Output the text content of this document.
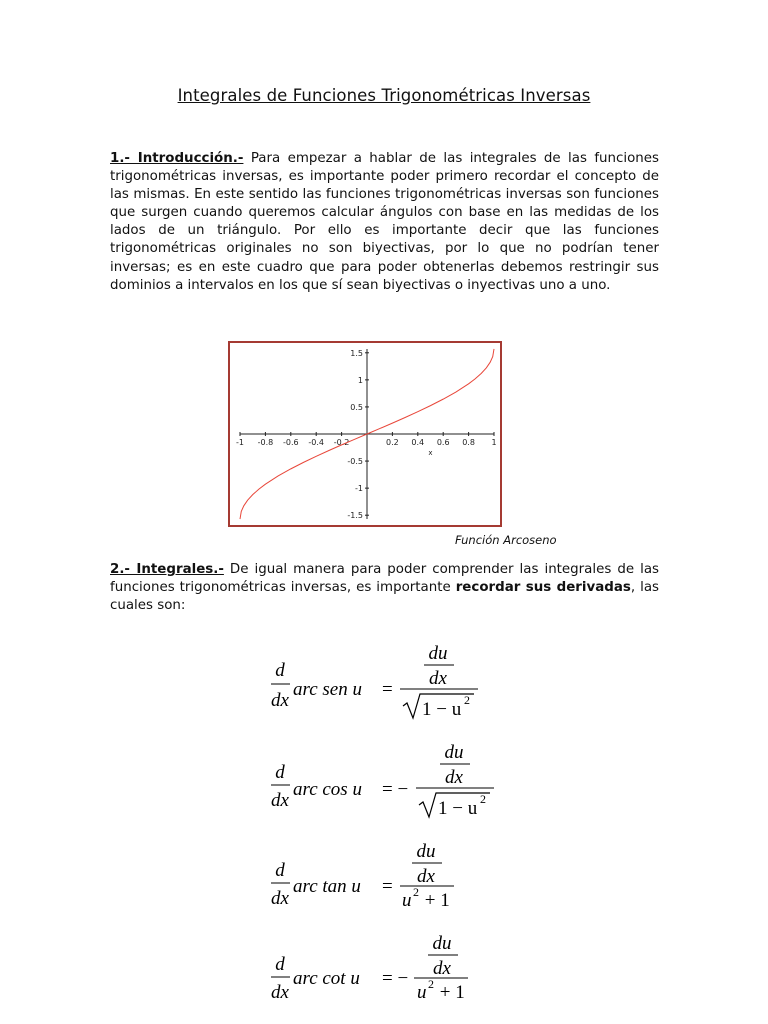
Integrales de Funciones Trigonométricas Inversas

1.- Introducción.- Para empezar a hablar de las integrales de las funciones trigonométricas inversas, es importante poder primero recordar el concepto de las mismas. En este sentido las funciones trigonométricas inversas son funciones que surgen cuando queremos calcular ángulos con base en las medidas de los lados de un triángulo. Por ello es importante decir que las funciones trigonométricas originales no son biyectivas, por lo que no podrían tener inversas; es en este cuadro que para poder obtenerlas debemos restringir sus dominios a intervalos en los que sí sean biyectivas o inyectivas uno a uno.

-1 -0.8 -0.6 -0.4 -0.2	0.2 0.4 0.6 0.8 1
1.5
1
0.5
-0.5
-1
-1.5
x
Función Arcoseno

2.- Integrales.- De igual manera para poder comprender las integrales de las funciones trigonométricas inversas, es importante recordar sus derivadas, las cuales son:

d
dx
arc sen u =
du
dx
1 − u 2
d
dx
arc cos u = −
du
dx
1 − u 2
d
dx
arc tan u =
du
dx
u 2 + 1
d
dx
arc cot u = −
du
dx
u 2 + 1
